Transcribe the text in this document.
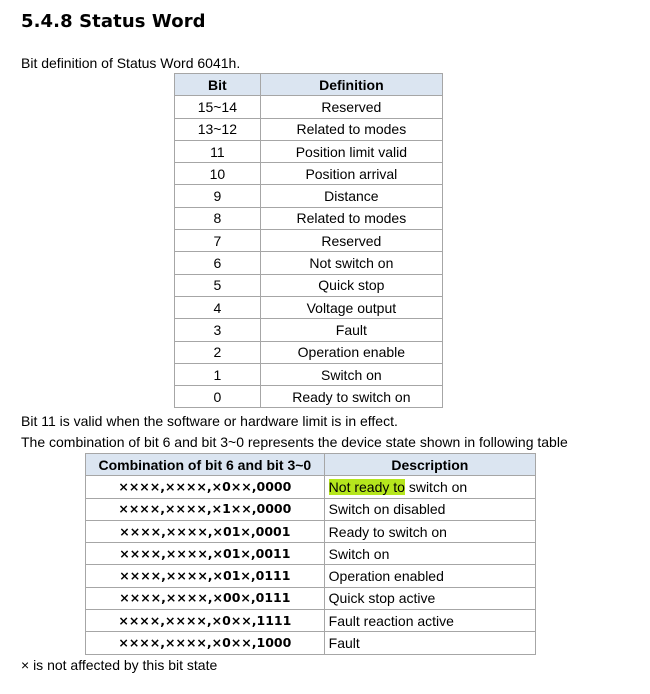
5.4.8 Status Word
Bit definition of Status Word 6041h.
Bit	Definition
15~14	Reserved
13~12	Related to modes
11	Position limit valid
10	Position arrival
9	Distance
8	Related to modes
7	Reserved
6	Not switch on
5	Quick stop
4	Voltage output
3	Fault
2	Operation enable
1	Switch on
0	Ready to switch on
Bit 11 is valid when the software or hardware limit is in effect.
The combination of bit 6 and bit 3~0 represents the device state shown in following table
Combination of bit 6 and bit 3~0	Description
××××,××××,×0××,0000	Not ready to switch on
××××,××××,×1××,0000	Switch on disabled
××××,××××,×01×,0001	Ready to switch on
××××,××××,×01×,0011	Switch on
××××,××××,×01×,0111	Operation enabled
××××,××××,×00×,0111	Quick stop active
××××,××××,×0××,1111	Fault reaction active
××××,××××,×0××,1000	Fault
× is not affected by this bit state
